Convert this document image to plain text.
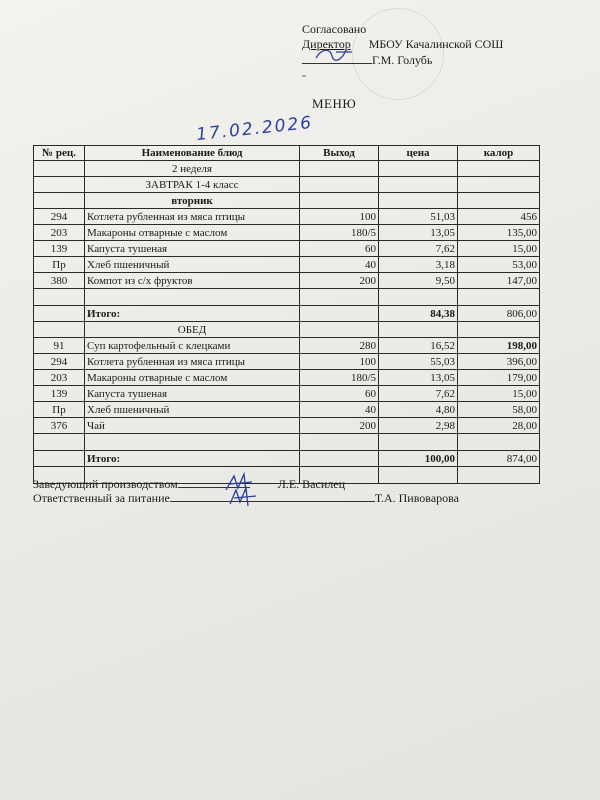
Согласовано
Директор МБОУ Качалинской СОШ
Г.М. Голубь
-
МЕНЮ
17.02.2026
№ рец.	Наименование блюд	Выход	цена	калор
	2 неделя			
	ЗАВТРАК 1-4 класс			
	вторник			
294	Котлета рубленная из мяса птицы	100	51,03	456
203	Макароны отварные с маслом	180/5	13,05	135,00
139	Капуста тушеная	60	7,62	15,00
Пр	Хлеб пшеничный	40	3,18	53,00
380	Компот из с/х фруктов	200	9,50	147,00

	Итого:		84,38	806,00
	ОБЕД			
91	Суп картофельный с клецками	280	16,52	198,00
294	Котлета рубленная из мяса птицы	100	55,03	396,00
203	Макароны отварные с маслом	180/5	13,05	179,00
139	Капуста тушеная	60	7,62	15,00
Пр	Хлеб пшеничный	40	4,80	58,00
376	Чай	200	2,98	28,00

	Итого:		100,00	874,00

Заведующий производством	Л.Е. Василец
Ответственный за питание	Т.А. Пивоварова
